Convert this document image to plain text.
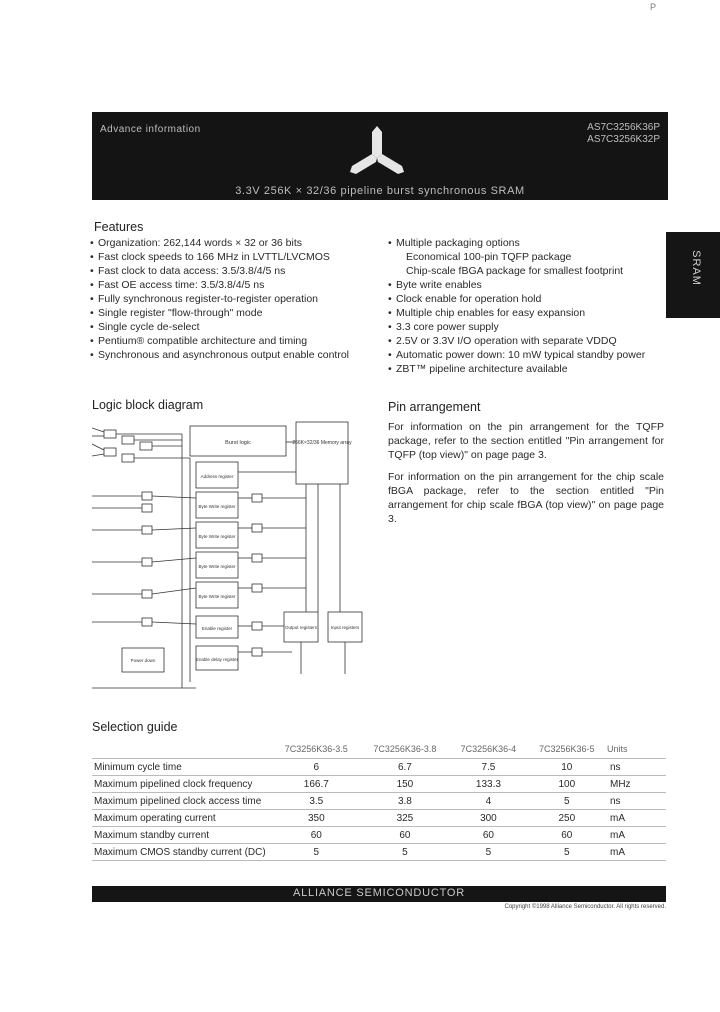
P
Advance information	AS7C3256K36P
AS7C3256K32P
3.3V 256K × 32/36 pipeline burst synchronous SRAM
SRAM
Features
• Organization: 262,144 words × 32 or 36 bits
• Fast clock speeds to 166 MHz in LVTTL/LVCMOS
• Fast clock to data access: 3.5/3.8/4/5 ns
• Fast OE access time: 3.5/3.8/4/5 ns
• Fully synchronous register-to-register operation
• Single register "flow-through" mode
• Single cycle de-select
• Pentium® compatible architecture and timing
• Synchronous and asynchronous output enable control
• Multiple packaging options
Economical 100-pin TQFP package
Chip-scale fBGA package for smallest footprint
• Byte write enables
• Clock enable for operation hold
• Multiple chip enables for easy expansion
• 3.3 core power supply
• 2.5V or 3.3V I/O operation with separate VDDQ
• Automatic power down: 10 mW typical standby power
• ZBT™ pipeline architecture available
Logic block diagram
Burst logic	256K×32/36 Memory array
Address register
Byte Write register
Byte Write register
Byte Write register
Byte Write register
Enable register
Enable delay register
Output registers	Input registers
Power down
Pin arrangement

For information on the pin arrangement for the TQFP package, refer to the section entitled "Pin arrangement for TQFP (top view)" on page page 3.

For information on the pin arrangement for the chip scale fBGA package, refer to the section entitled "Pin arrangement for chip scale fBGA (top view)" on page page 3.

Selection guide
	7C3256K36-3.5	7C3256K36-3.8	7C3256K36-4	7C3256K36-5	Units
Minimum cycle time	6	6.7	7.5	10	ns
Maximum pipelined clock frequency	166.7	150	133.3	100	MHz
Maximum pipelined clock access time	3.5	3.8	4	5	ns
Maximum operating current	350	325	300	250	mA
Maximum standby current	60	60	60	60	mA
Maximum CMOS standby current (DC)	5	5	5	5	mA
ALLIANCE SEMICONDUCTOR
Copyright ©1998 Alliance Semiconductor. All rights reserved.
